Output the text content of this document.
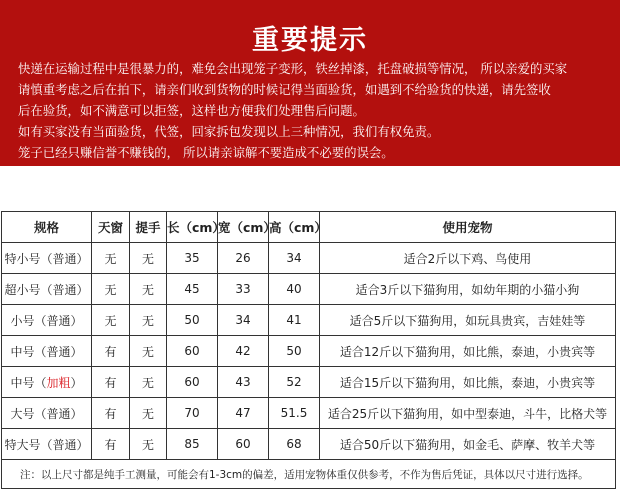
重要提示

快递在运输过程中是很暴力的，难免会出现笼子变形，铁丝掉漆，托盘破损等情况， 所以亲爱的买家

请慎重考虑之后在拍下，请亲们收到货物的时候记得当面验货，如遇到不给验货的快递，请先签收

后在验货，如不满意可以拒签，这样也方便我们处理售后问题。

如有买家没有当面验货，代签，回家拆包发现以上三种情况，我们有权免责。

笼子已经只赚信誉不赚钱的， 所以请亲谅解不要造成不必要的误会。

规格	天窗	提手	长（cm）	宽（cm）	高（cm）	使用宠物
特小号（普通）	无	无	35	26	34	适合2斤以下鸡、鸟使用
超小号（普通）	无	无	45	33	40	适合3斤以下猫狗用，如幼年期的小猫小狗
小号（普通）	无	无	50	34	41	适合5斤以下猫狗用，如玩具贵宾，吉娃娃等
中号（普通）	有	无	60	42	50	适合12斤以下猫狗用，如比熊，泰迪，小贵宾等
中号（加粗）	有	无	60	43	52	适合15斤以下猫狗用，如比熊，泰迪，小贵宾等
大号（普通）	有	无	70	47	51.5	适合25斤以下猫狗用，如中型泰迪，斗牛，比格犬等
特大号（普通）	有	无	85	60	68	适合50斤以下猫狗用，如金毛、萨摩、牧羊犬等
注：以上尺寸都是纯手工测量，可能会有1-3cm的偏差，适用宠物体重仅供参考，不作为售后凭证，具体以尺寸进行选择。						
